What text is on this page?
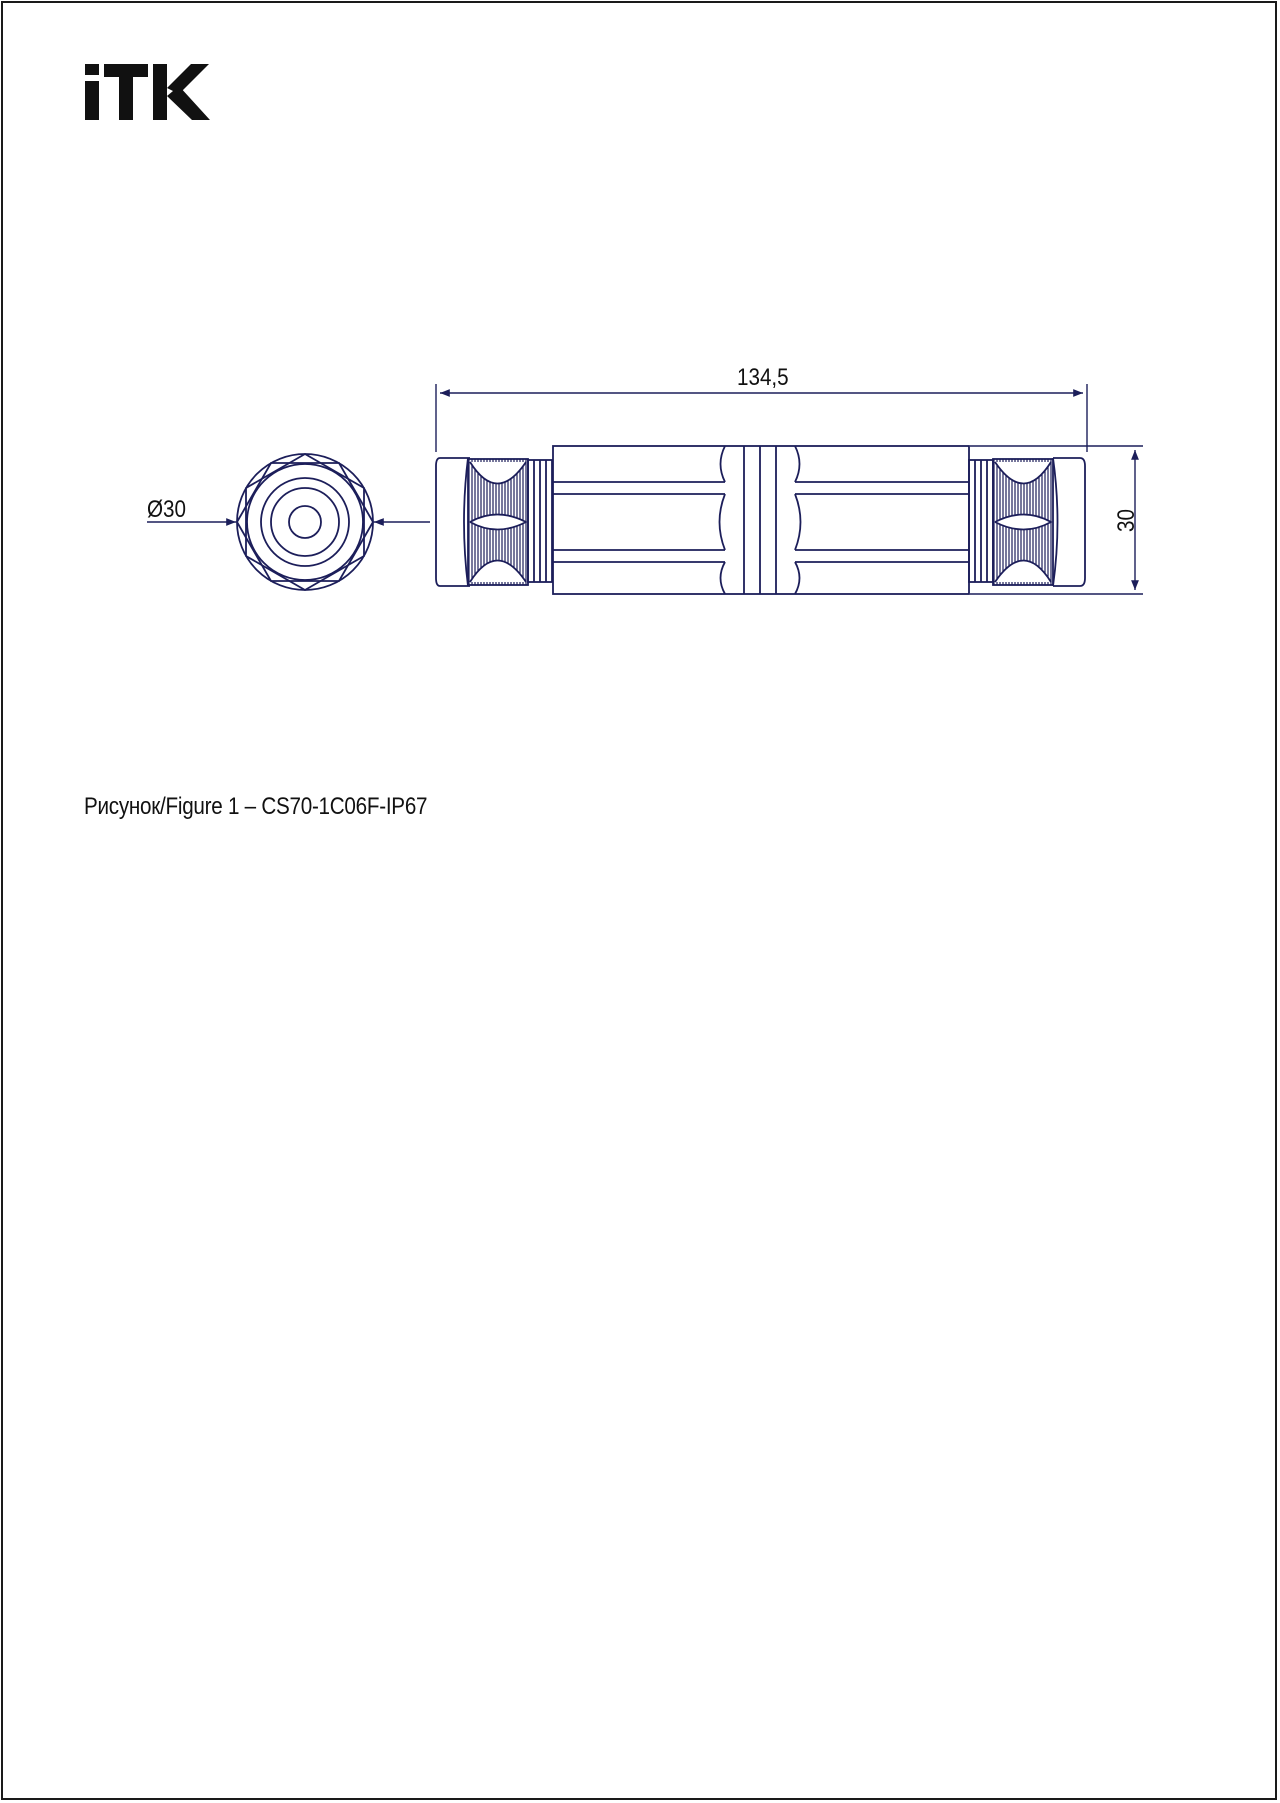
Ø30
134,5
30
Рисунок/Figure 1 – CS70-1C06F-IP67
